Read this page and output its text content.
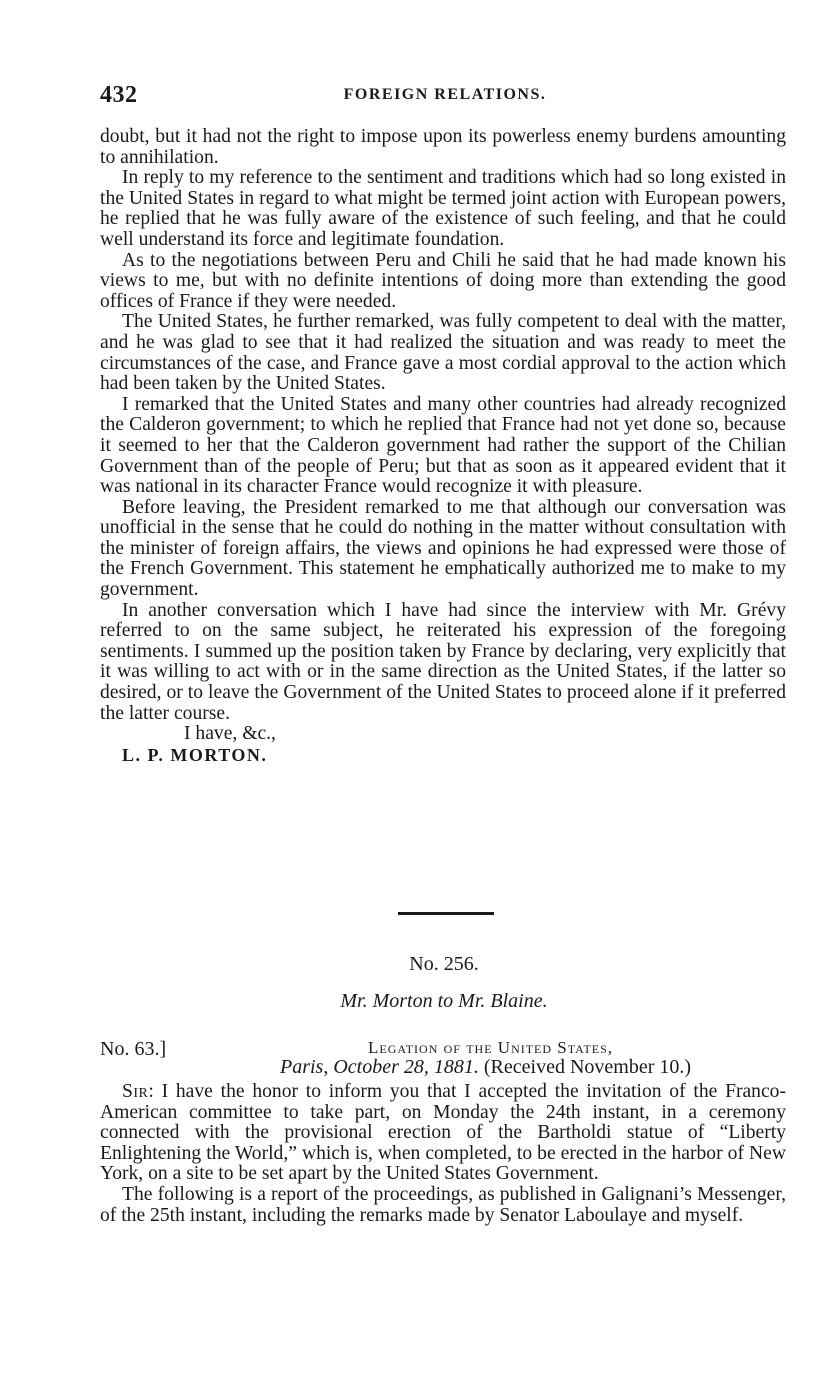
432	FOREIGN RELATIONS.

doubt, but it had not the right to impose upon its powerless enemy burdens amounting to annihilation.

In reply to my reference to the sentiment and traditions which had so long existed in the United States in regard to what might be termed joint action with European powers, he replied that he was fully aware of the existence of such feeling, and that he could well understand its force and legitimate foundation.

As to the negotiations between Peru and Chili he said that he had made known his views to me, but with no definite intentions of doing more than extending the good offices of France if they were needed.

The United States, he further remarked, was fully competent to deal with the matter, and he was glad to see that it had realized the situation and was ready to meet the circumstances of the case, and France gave a most cordial approval to the action which had been taken by the United States.

I remarked that the United States and many other countries had already recognized the Calderon government; to which he replied that France had not yet done so, because it seemed to her that the Calderon government had rather the support of the Chilian Government than of the people of Peru; but that as soon as it appeared evident that it was national in its character France would recognize it with pleasure.

Before leaving, the President remarked to me that although our conversation was unofficial in the sense that he could do nothing in the matter without consultation with the minister of foreign affairs, the views and opinions he had expressed were those of the French Government. This statement he emphatically authorized me to make to my government.

In another conversation which I have had since the interview with Mr. Grévy referred to on the same subject, he reiterated his expression of the foregoing sentiments. I summed up the position taken by France by declaring, very explicitly that it was willing to act with or in the same direction as the United States, if the latter so desired, or to leave the Government of the United States to proceed alone if it preferred the latter course.

I have, &c.,

L. P. MORTON.

No. 256.
Mr. Morton to Mr. Blaine.
No. 63.]	Legation of the United States,
Paris, October 28, 1881. (Received November 10.)

Sir: I have the honor to inform you that I accepted the invitation of the Franco-American committee to take part, on Monday the 24th instant, in a ceremony connected with the provisional erection of the Bartholdi statue of “Liberty Enlightening the World,” which is, when completed, to be erected in the harbor of New York, on a site to be set apart by the United States Government.

The following is a report of the proceedings, as published in Galignani’s Messenger, of the 25th instant, including the remarks made by Senator Laboulaye and myself.
